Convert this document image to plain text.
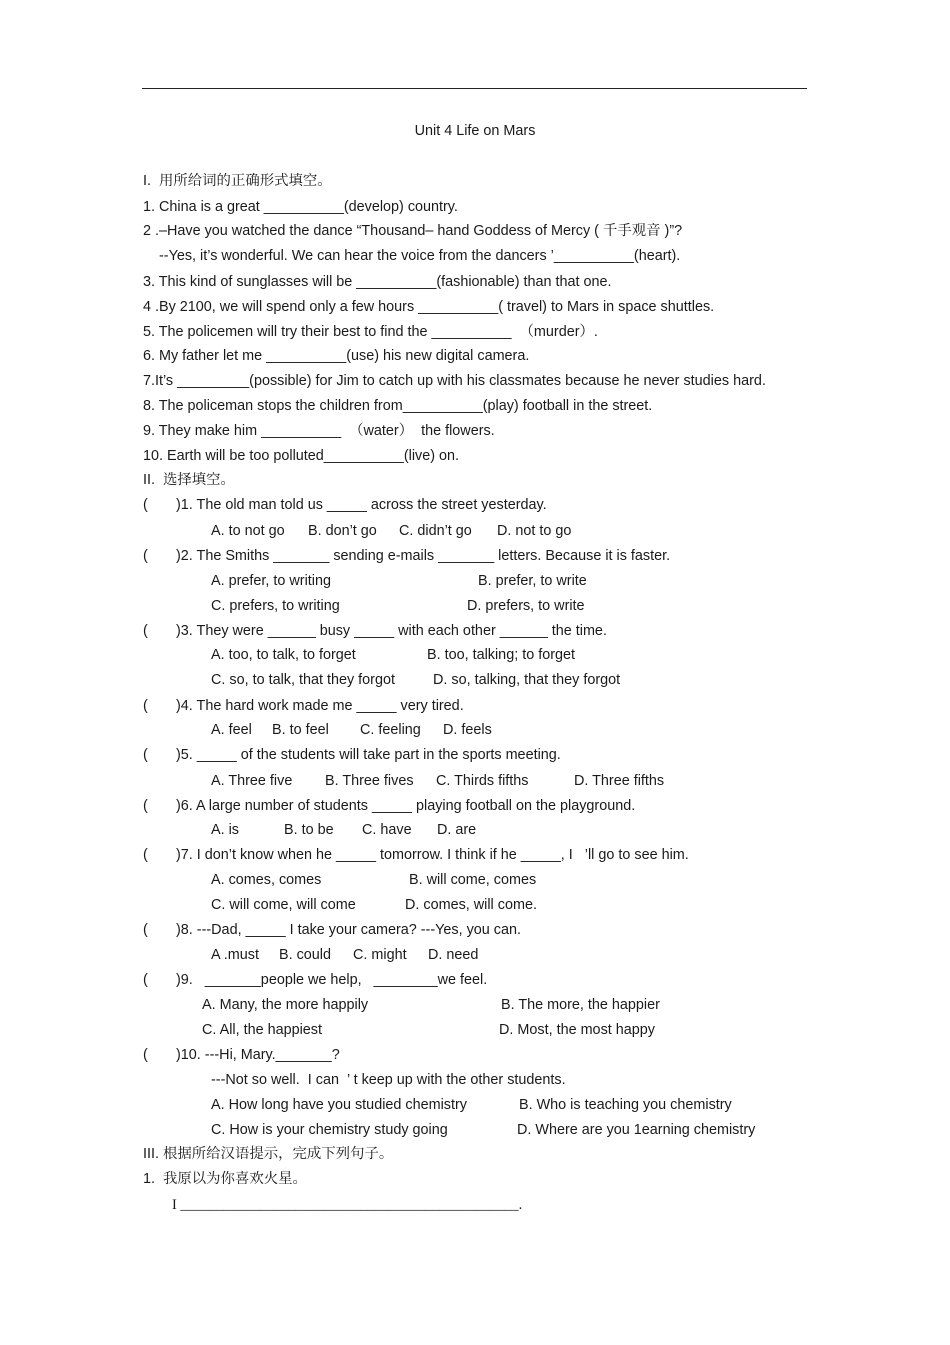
Unit 4 Life on Mars
I.  用所给词的正确形式填空。
1. China is a great __________(develop) country.
2 .–Have you watched the dance “Thousand– hand Goddess of Mercy ( 千手观音 )”?
--Yes, it’s wonderful. We can hear the voice from the dancers ’__________(heart).
3. This kind of sunglasses will be __________(fashionable) than that one.
4 .By 2100, we will spend only a few hours __________( travel) to Mars in space shuttles.
5. The policemen will try their best to find the __________  （murder）.
6. My father let me __________(use) his new digital camera.
7.It’s _________(possible) for Jim to catch up with his classmates because he never studies hard.
8. The policeman stops the children from__________(play) football in the street.
9. They make him __________  （water）  the flowers.
10. Earth will be too polluted__________(live) on.
II.  选择填空。
( )1. The old man told us _____ across the street yesterday.
A. to not go B. don’t go C. didn’t go D. not to go
( )2. The Smiths _______ sending e-mails _______ letters. Because it is faster.
A. prefer, to writing	B. prefer, to write
C. prefers, to writing	D. prefers, to write
( )3. They were ______ busy _____ with each other ______ the time.
A. too, to talk, to forget	B. too, talking; to forget
C. so, to talk, that they forgot	D. so, talking, that they forgot
( )4. The hard work made me _____ very tired.
A. feel B. to feel C. feeling D. feels
( )5. _____ of the students will take part in the sports meeting.
A. Three five B. Three fives C. Thirds fifths	D. Three fifths
( )6. A large number of students _____ playing football on the playground.
A. is	B. to be C. have D. are
( )7. I don’t know when he _____ tomorrow. I think if he _____, I   ’ll go to see him.
A. comes, comes	B. will come, comes
C. will come, will come	D. comes, will come.
( )8. ---Dad, _____ I take your camera? ---Yes, you can.
A .must B. could C. might D. need
( )9.   _______people we help,   ________we feel.
A. Many, the more happily	B. The more, the happier
C. All, the happiest	D. Most, the most happy
( )10. ---Hi, Mary._______?
---Not so well.  I can  ’ t keep up with the other students.
A. How long have you studied chemistry	B. Who is teaching you chemistry
C. How is your chemistry study going	D. Where are you 1earning chemistry
III. 根据所给汉语提示，完成下列句子。
1.  我原以为你喜欢火星。
I _______________________________________________.
